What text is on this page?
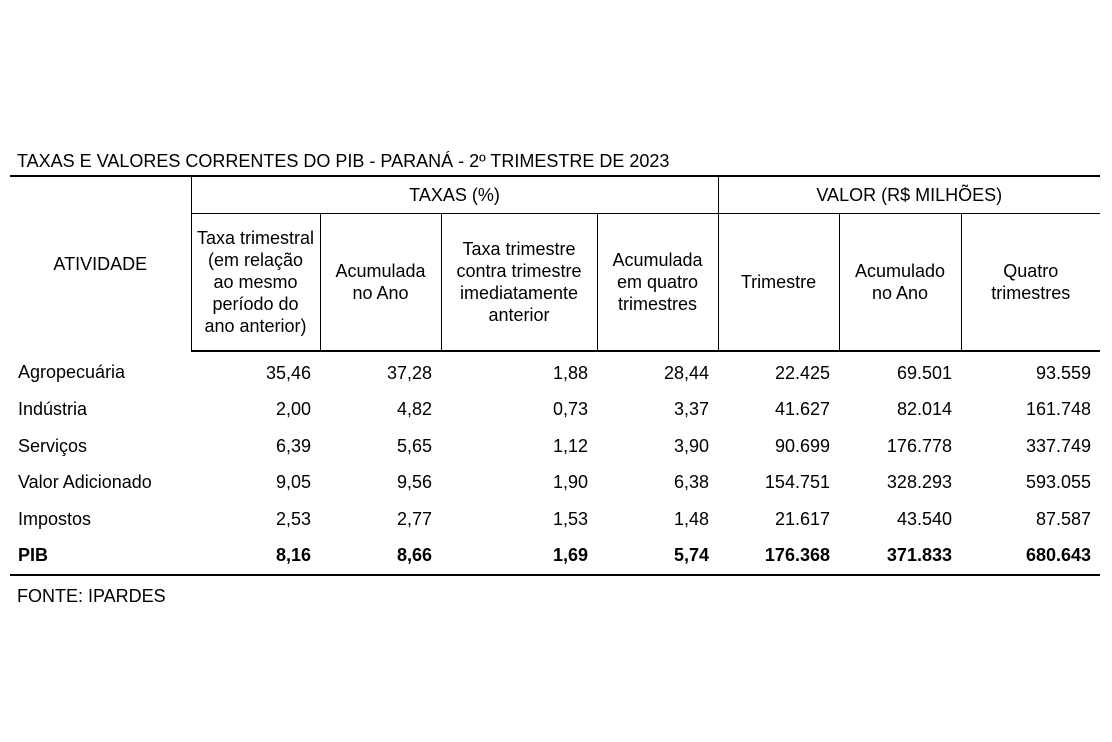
TAXAS E VALORES CORRENTES DO PIB - PARANÁ - 2º TRIMESTRE DE 2023
ATIVIDADE	TAXAS (%)				VALOR (R$ MILHÕES)		
	Taxa trimestral (em relação ao mesmo período do ano anterior)	Acumulada no Ano	Taxa trimestre contra trimestre imediatamente anterior	Acumulada em quatro trimestres	Trimestre	Acumulado no Ano	Quatro trimestres
Agropecuária	35,46	37,28	1,88	28,44	22.425	69.501	93.559
Indústria	2,00	4,82	0,73	3,37	41.627	82.014	161.748
Serviços	6,39	5,65	1,12	3,90	90.699	176.778	337.749
Valor Adicionado	9,05	9,56	1,90	6,38	154.751	328.293	593.055
Impostos	2,53	2,77	1,53	1,48	21.617	43.540	87.587
PIB	8,16	8,66	1,69	5,74	176.368	371.833	680.643
FONTE: IPARDES
